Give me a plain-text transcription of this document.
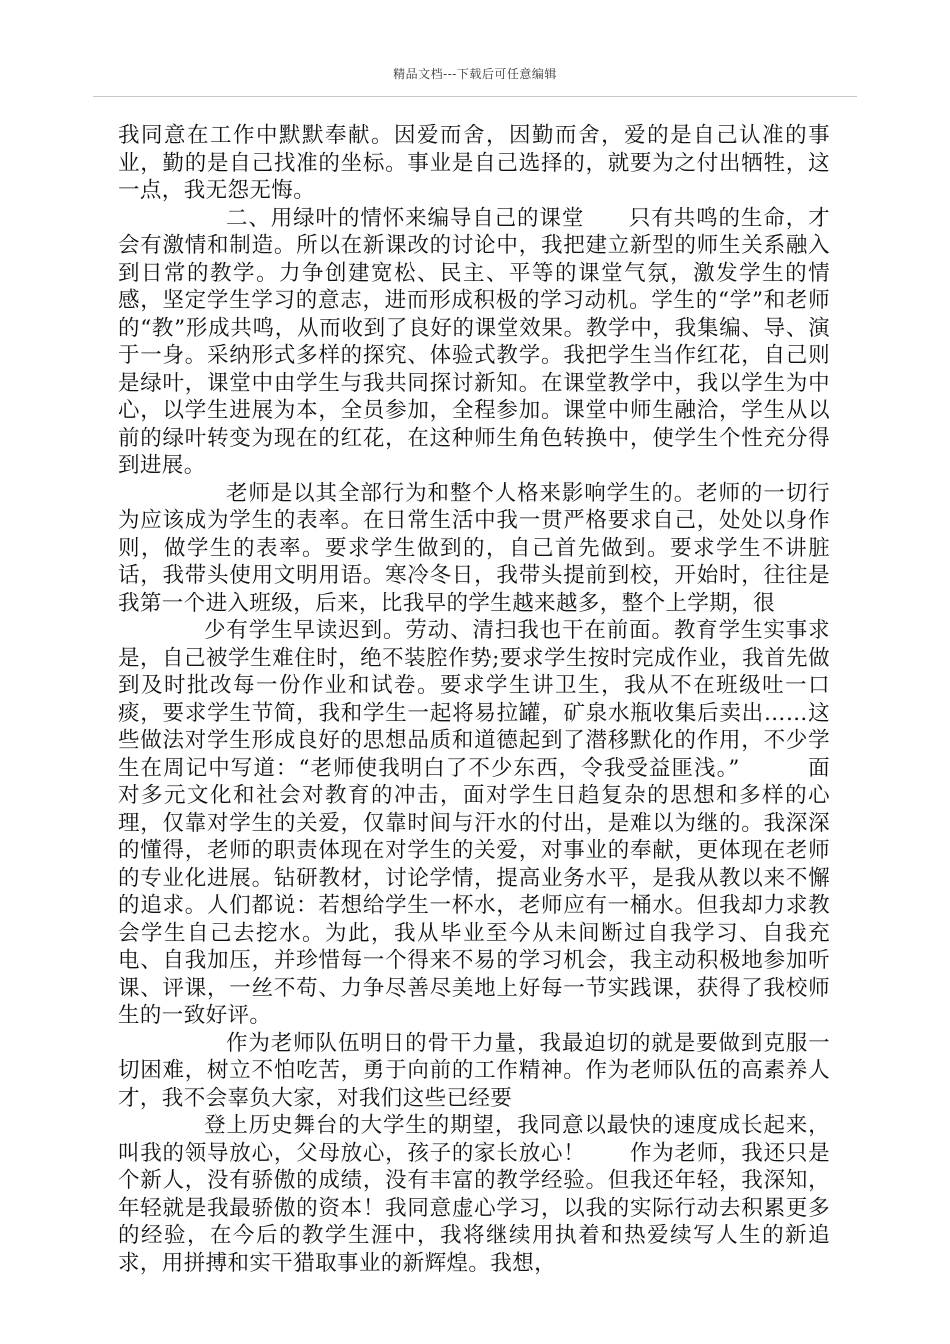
精品文档---下载后可任意编辑

我同意在工作中默默奉献。因爱而舍，因勤而舍，爱的是自己认准的事业，勤的是自己找准的坐标。事业是自己选择的，就要为之付出牺牲，这一点，我无怨无悔。

二、用绿叶的情怀来编导自己的课堂　　只有共鸣的生命，才会有激情和制造。所以在新课改的讨论中，我把建立新型的师生关系融入到日常的教学。力争创建宽松、民主、平等的课堂气氛，激发学生的情感，坚定学生学习的意志，进而形成积极的学习动机。学生的“学”和老师的“教”形成共鸣，从而收到了良好的课堂效果。教学中，我集编、导、演于一身。采纳形式多样的探究、体验式教学。我把学生当作红花，自己则是绿叶，课堂中由学生与我共同探讨新知。在课堂教学中，我以学生为中心，以学生进展为本，全员参加，全程参加。课堂中师生融洽，学生从以前的绿叶转变为现在的红花，在这种师生角色转换中，使学生个性充分得到进展。

老师是以其全部行为和整个人格来影响学生的。老师的一切行为应该成为学生的表率。在日常生活中我一贯严格要求自己，处处以身作则，做学生的表率。要求学生做到的，自己首先做到。要求学生不讲脏话，我带头使用文明用语。寒冷冬日，我带头提前到校，开始时，往往是我第一个进入班级，后来，比我早的学生越来越多，整个上学期，很

少有学生早读迟到。劳动、清扫我也干在前面。教育学生实事求是，自己被学生难住时，绝不装腔作势;要求学生按时完成作业，我首先做到及时批改每一份作业和试卷。要求学生讲卫生，我从不在班级吐一口痰，要求学生节简，我和学生一起将易拉罐，矿泉水瓶收集后卖出……这些做法对学生形成良好的思想品质和道德起到了潜移默化的作用，不少学生在周记中写道：“老师使我明白了不少东西，令我受益匪浅。”　　　面对多元文化和社会对教育的冲击，面对学生日趋复杂的思想和多样的心理，仅靠对学生的关爱，仅靠时间与汗水的付出，是难以为继的。我深深的懂得，老师的职责体现在对学生的关爱，对事业的奉献，更体现在老师的专业化进展。钻研教材，讨论学情，提高业务水平，是我从教以来不懈的追求。人们都说：若想给学生一杯水，老师应有一桶水。但我却力求教会学生自己去挖水。为此，我从毕业至今从未间断过自我学习、自我充电、自我加压，并珍惜每一个得来不易的学习机会，我主动积极地参加听课、评课，一丝不苟、力争尽善尽美地上好每一节实践课，获得了我校师生的一致好评。

作为老师队伍明日的骨干力量，我最迫切的就是要做到克服一切困难，树立不怕吃苦，勇于向前的工作精神。作为老师队伍的高素养人才，我不会辜负大家，对我们这些已经要

登上历史舞台的大学生的期望，我同意以最快的速度成长起来，叫我的领导放心，父母放心，孩子的家长放心！　　作为老师，我还只是个新人，没有骄傲的成绩，没有丰富的教学经验。但我还年轻，我深知，年轻就是我最骄傲的资本！我同意虚心学习，以我的实际行动去积累更多的经验，在今后的教学生涯中，我将继续用执着和热爱续写人生的新追求，用拼搏和实干猎取事业的新辉煌。我想，
